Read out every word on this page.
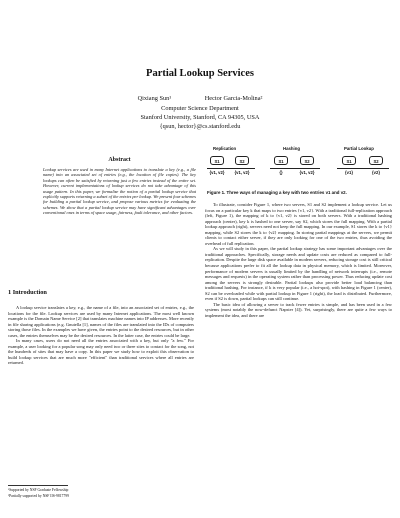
Partial Lookup Services
Qixiang Sun¹	Hector Garcia-Molina²
Computer Science Department
Stanford University, Stanford, CA 94305, USA
{qsun, hector}@cs.stanford.edu
Abstract
Lookup services are used in many Internet applications to translate a key (e.g., a file name) into an associated set of entries (e.g., the location of file copies). The key lookups can often be satisfied by returning just a few entries instead of the entire set. However, current implementations of lookup services do not take advantage of this usage pattern. In this paper, we formalize the notion of a partial lookup service that explicitly supports returning a subset of the entries per lookup. We present four schemes for building a partial lookup service, and propose various metrics for evaluating the schemes. We show that a partial lookup service may have significant advantages over conventional ones in terms of space usage, fairness, fault tolerance, and other factors.
1 Introduction

A lookup service translates a key, e.g., the name of a file, into an associated set of entries, e.g., the locations for the file. Lookup services are used by many Internet applications. The most well known example is the Domain Name Service [2] that translates machine names into IP addresses. More recently in file sharing applications (e.g. Gnutella [1], names of the files are translated into the IDs of computers storing those files. In the examples we have given, the entries point to the desired resources, but in other cases, the entries themselves may be the desired resources. In the latter case, the entries could be large.

In many cases, users do not need all the entries associated with a key, but only "a few." For example, a user looking for a popular song may only need two or three sites to contact for the song, not the hundreds of sites that may have a copy. In this paper we study how to exploit this observation to build lookup services that are much more "efficient" than traditional services where all entries are returned.

¹Supported by NSF Graduate Fellowship
²Partially supported by NSF IIS-9817799
Replication	Hashing	Partial Lookup
S1	S2	S1	S2	S1	S2
{v1, v2}	{v1, v2}	{}	{v1, v2}	{v1}	{v2}
Figure 1. Three ways of managing a key with two entries v1 and v2.

To illustrate, consider Figure 1, where two servers, S1 and S2 implement a lookup service. Let us focus on a particular key k that maps to two entries {v1, v2}. With a traditional full-replication approach (left, Figure 1), the mapping of k to {v1, v2} is stored on both servers. With a traditional hashing approach (center), key k is hashed to one server, say S2, which stores the full mapping. With a partial lookup approach (right), servers need not keep the full mapping. In our example, S1 stores the k to {v1} mapping, while S2 stores the k to {v2} mapping. In storing partial mappings at the servers, we permit clients to contact either server, if they are only looking for one of the two entries, thus avoiding the overhead of full replication.

As we will study in this paper, the partial lookup strategy has some important advantages over the traditional approaches. Specifically, storage needs and update costs are reduced as compared to full-replication. Despite the large disk space available in modern servers, reducing storage cost is still critical because applications prefer to fit all the lookup data in physical memory, which is limited. Moreover, performance of modern servers is usually limited by the handling of network interrupts (i.e., remote messages and requests) in the operating system rather than processing power. Thus reducing update cost among the servers is strongly desirable. Partial lookups also provide better load balancing than traditional hashing. For instance, if k is very popular (i.e., a hot-spot), with hashing in Figure 1 (center), S2 can be overloaded while with partial lookup in Figure 1 (right), the load is distributed. Furthermore, even if S2 is down, partial lookups can still continue.

The basic idea of allowing a server to track fewer entries is simple, and has been used in a few systems (most notably the now-defunct Napster [4]). Yet, surprisingly, there are quite a few ways to implement the idea, and there are
